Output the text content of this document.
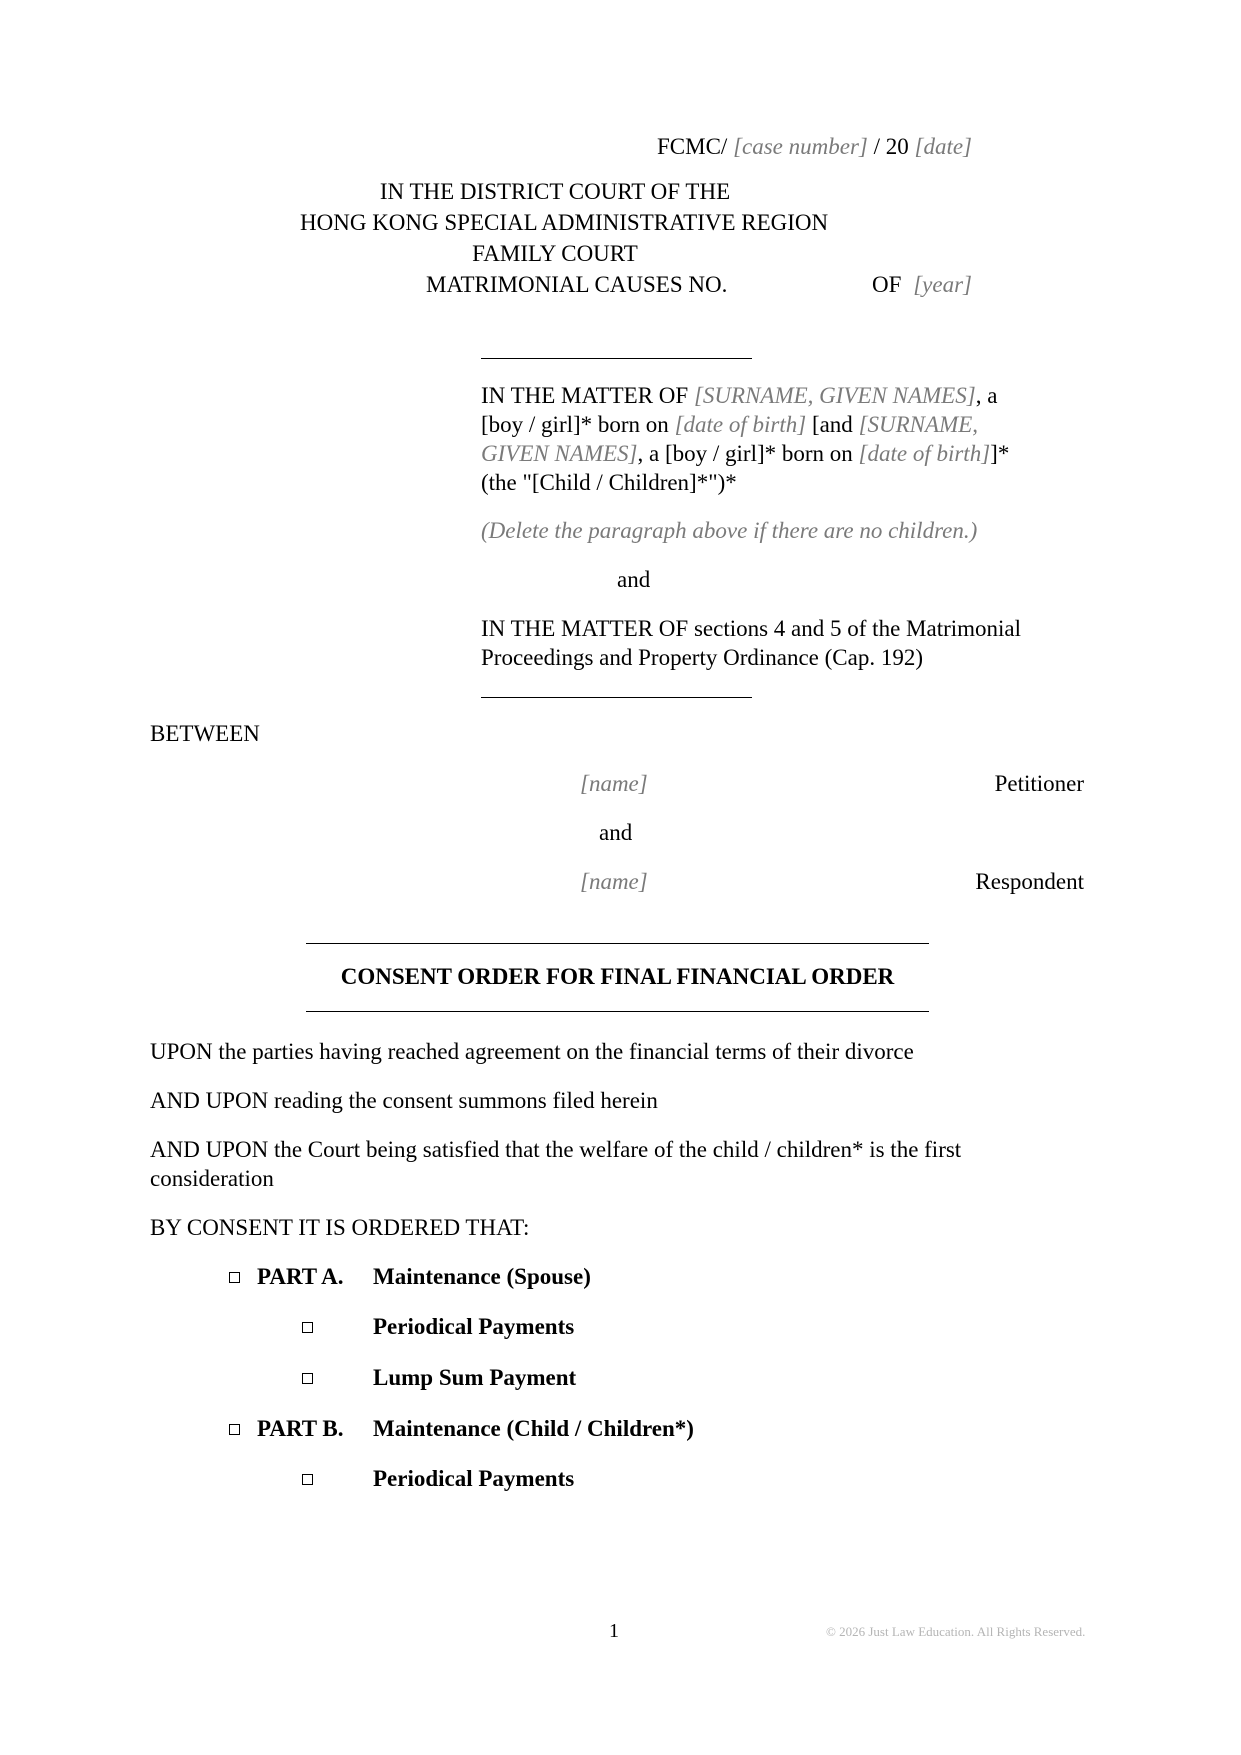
FCMC/ [case number] / 20 [date]
IN THE DISTRICT COURT OF THE
HONG KONG SPECIAL ADMINISTRATIVE REGION
FAMILY COURT
MATRIMONIAL CAUSES NO.	OF [year]
IN THE MATTER OF [SURNAME, GIVEN NAMES], a
[boy / girl]* born on [date of birth] [and [SURNAME,
GIVEN NAMES], a [boy / girl]* born on [date of birth]]*
(the "[Child / Children]*")*
(Delete the paragraph above if there are no children.)
and
IN THE MATTER OF sections 4 and 5 of the Matrimonial
Proceedings and Property Ordinance (Cap. 192)
BETWEEN
[name]	Petitioner
and
[name]	Respondent
CONSENT ORDER FOR FINAL FINANCIAL ORDER
UPON the parties having reached agreement on the financial terms of their divorce
AND UPON reading the consent summons filed herein
AND UPON the Court being satisfied that the welfare of the child / children* is the first
consideration
BY CONSENT IT IS ORDERED THAT:
PART A. Maintenance (Spouse)
Periodical Payments
Lump Sum Payment
PART B. Maintenance (Child / Children*)
Periodical Payments
1	© 2026 Just Law Education. All Rights Reserved.
